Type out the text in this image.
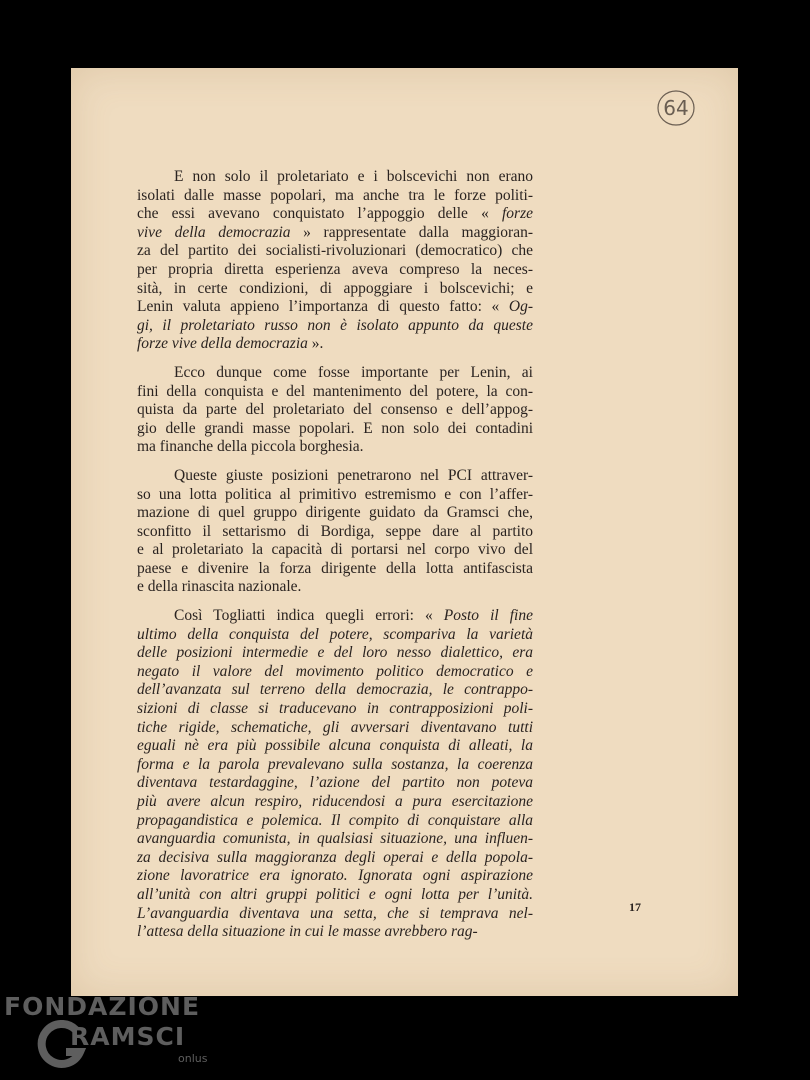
64
E non solo il proletariato e i bolscevichi non erano
isolati dalle masse popolari, ma anche tra le forze politi-
che essi avevano conquistato l’appoggio delle « forze
vive della democrazia » rappresentate dalla maggioran-
za del partito dei socialisti-rivoluzionari (democratico) che
per propria diretta esperienza aveva compreso la neces-
sità, in certe condizioni, di appoggiare i bolscevichi; e
Lenin valuta appieno l’importanza di questo fatto: « Og-
gi, il proletariato russo non è isolato appunto da queste
forze vive della democrazia ».
Ecco dunque come fosse importante per Lenin, ai
fini della conquista e del mantenimento del potere, la con-
quista da parte del proletariato del consenso e dell’appog-
gio delle grandi masse popolari. E non solo dei contadini
ma finanche della piccola borghesia.
Queste giuste posizioni penetrarono nel PCI attraver-
so una lotta politica al primitivo estremismo e con l’affer-
mazione di quel gruppo dirigente guidato da Gramsci che,
sconfitto il settarismo di Bordiga, seppe dare al partito
e al proletariato la capacità di portarsi nel corpo vivo del
paese e divenire la forza dirigente della lotta antifascista
e della rinascita nazionale.
Così Togliatti indica quegli errori: « Posto il fine
ultimo della conquista del potere, scompariva la varietà
delle posizioni intermedie e del loro nesso dialettico, era
negato il valore del movimento politico democratico e
dell’avanzata sul terreno della democrazia, le contrappo-
sizioni di classe si traducevano in contrapposizioni poli-
tiche rigide, schematiche, gli avversari diventavano tutti
eguali nè era più possibile alcuna conquista di alleati, la
forma e la parola prevalevano sulla sostanza, la coerenza
diventava testardaggine, l’azione del partito non poteva
più avere alcun respiro, riducendosi a pura esercitazione
propagandistica e polemica. Il compito di conquistare alla
avanguardia comunista, in qualsiasi situazione, una influen-
za decisiva sulla maggioranza degli operai e della popola-
zione lavoratrice era ignorato. Ignorata ogni aspirazione
all’unità con altri gruppi politici e ogni lotta per l’unità.
L’avanguardia diventava una setta, che si temprava nel-
l’attesa della situazione in cui le masse avrebbero rag-
17
FONDAZIONE
RAMSCI
onlus
